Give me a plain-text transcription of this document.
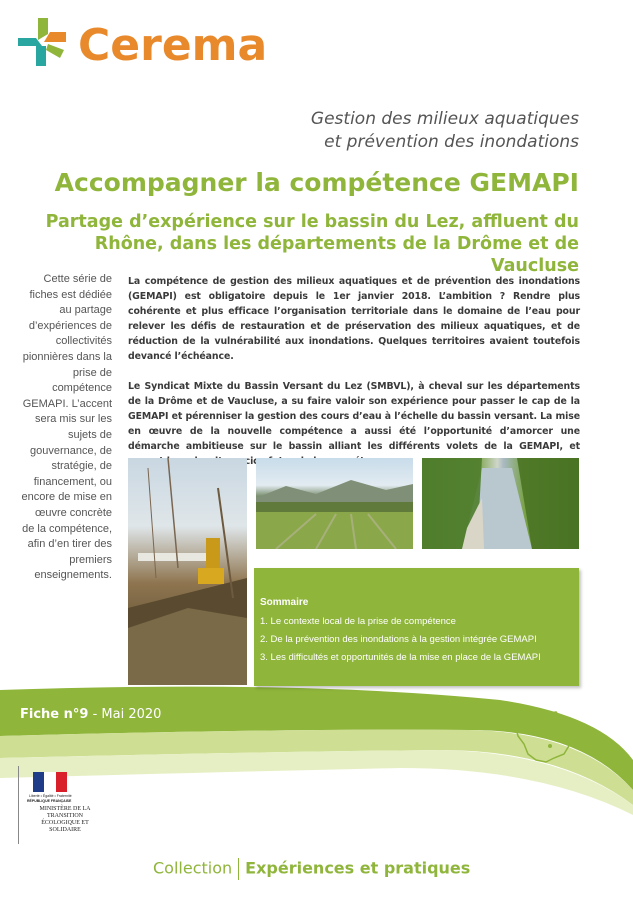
Cerema
Gestion des milieux aquatiques
et prévention des inondations
Accompagner la compétence GEMAPI
Partage d’expérience sur le bassin du Lez, affluent du Rhône, dans les départements de la Drôme et de Vaucluse
Cette série de fiches est dédiée au partage d’expériences de collectivités pionnières dans la prise de compétence GEMAPI. L’accent sera mis sur les sujets de gouvernance, de stratégie, de financement, ou encore de mise en œuvre concrète de la compétence, afin d’en tirer des premiers enseignements.

La compétence de gestion des milieux aquatiques et de prévention des inondations (GEMAPI) est obligatoire depuis le 1er janvier 2018. L’ambition ? Rendre plus cohérente et plus efficace l’organisation territoriale dans le domaine de l’eau pour relever les défis de restauration et de préservation des milieux aquatiques, et de réduction de la vulnérabilité aux inondations. Quelques territoires avaient toutefois devancé l’échéance.

Le Syndicat Mixte du Bassin Versant du Lez (SMBVL), à cheval sur les départements de la Drôme et de Vaucluse, a su faire valoir son expérience pour passer le cap de la GEMAPI et pérenniser la gestion des cours d’eau à l’échelle du bassin versant. La mise en œuvre de la nouvelle compétence a aussi été l’opportunité d’amorcer une démarche ambitieuse sur le bassin alliant les différents volets de la GEMAPI, et

Sommaire
1. Le contexte local de la prise de compétence
2. De la prévention des inondations à la gestion intégrée GEMAPI
3. Les difficultés et opportunités de la mise en place de la GEMAPI
Fiche n°9 - Mai 2020
Liberté • Égalité • Fraternité
RÉPUBLIQUE FRANÇAISE
MINISTÈRE DE LA TRANSITION ÉCOLOGIQUE ET SOLIDAIRE
Collection Expériences et pratiques
